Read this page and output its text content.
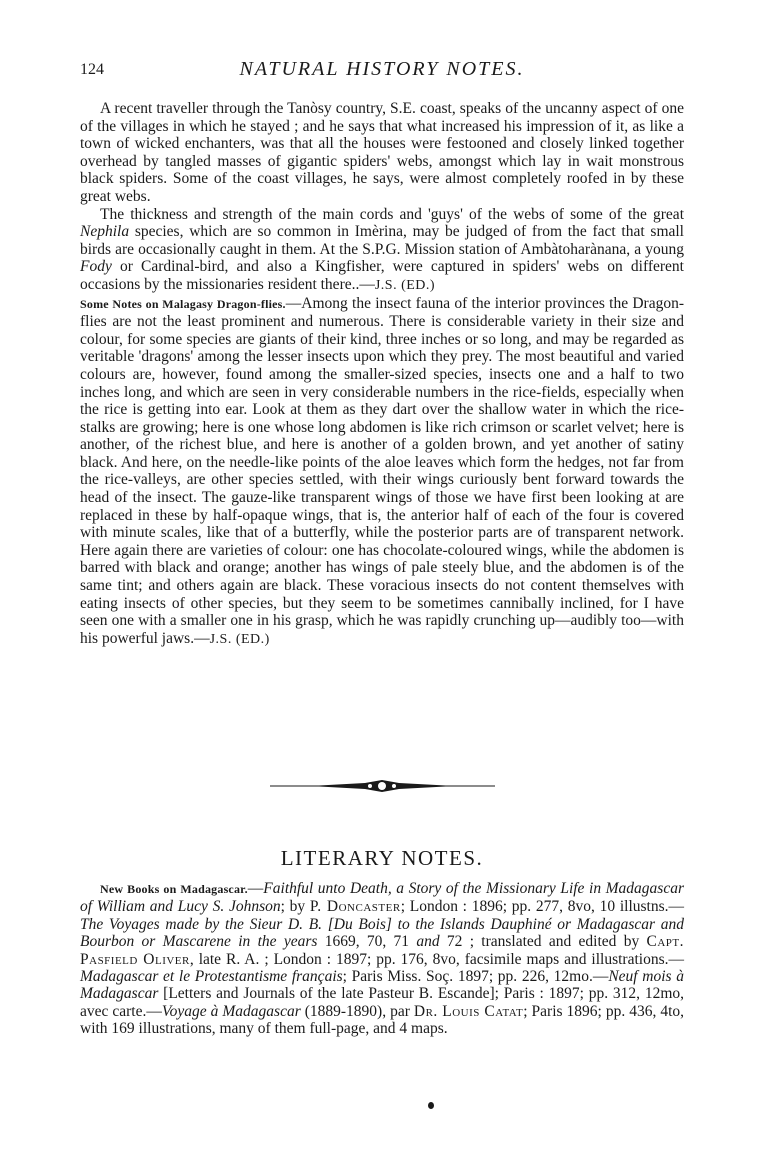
124	NATURAL HISTORY NOTES.

A recent traveller through the Tanòsy country, S.E. coast, speaks of the uncanny aspect of one of the villages in which he stayed ; and he says that what increased his impression of it, as like a town of wicked enchanters, was that all the houses were festooned and closely linked together overhead by tangled masses of gigantic spiders' webs, amongst which lay in wait monstrous black spiders. Some of the coast villages, he says, were almost completely roofed in by these great webs.

The thickness and strength of the main cords and 'guys' of the webs of some of the great Nephila species, which are so common in Imèrina, may be judged of from the fact that small birds are occasionally caught in them. At the S.P.G. Mission station of Ambàtoharànana, a young Fody or Cardinal-bird, and also a Kingfisher, were captured in spiders' webs on different occasions by the missionaries resident there..—J.S. (ED.)

Some Notes on Malagasy Dragon-flies.—Among the insect fauna of the interior provinces the Dragon-flies are not the least prominent and numerous. There is considerable variety in their size and colour, for some species are giants of their kind, three inches or so long, and may be regarded as veritable 'dragons' among the lesser insects upon which they prey. The most beautiful and varied colours are, however, found among the smaller-sized species, insects one and a half to two inches long, and which are seen in very considerable numbers in the rice-fields, especially when the rice is getting into ear. Look at them as they dart over the shallow water in which the rice-stalks are growing; here is one whose long abdomen is like rich crimson or scarlet velvet; here is another, of the richest blue, and here is another of a golden brown, and yet another of satiny black. And here, on the needle-like points of the aloe leaves which form the hedges, not far from the rice-valleys, are other species settled, with their wings curiously bent forward towards the head of the insect. The gauze-like transparent wings of those we have first been looking at are replaced in these by half-opaque wings, that is, the anterior half of each of the four is covered with minute scales, like that of a butterfly, while the posterior parts are of transparent network. Here again there are varieties of colour: one has chocolate-coloured wings, while the abdomen is barred with black and orange; another has wings of pale steely blue, and the abdomen is of the same tint; and others again are black. These voracious insects do not content themselves with eating insects of other species, but they seem to be sometimes cannibally inclined, for I have seen one with a smaller one in his grasp, which he was rapidly crunching up—audibly too—with his powerful jaws.—J.S. (ED.)

LITERARY NOTES.

New Books on Madagascar.—Faithful unto Death, a Story of the Missionary Life in Madagascar of William and Lucy S. Johnson; by P. Doncaster; London : 1896; pp. 277, 8vo, 10 illustns.—The Voyages made by the Sieur D. B. [Du Bois] to the Islands Dauphiné or Madagascar and Bourbon or Mascarene in the years 1669, 70, 71 and 72 ; translated and edited by Capt. Pasfield Oliver, late R. A. ; London : 1897; pp. 176, 8vo, facsimile maps and illustrations.—Madagascar et le Protestantisme français; Paris Miss. Soç. 1897; pp. 226, 12mo.—Neuf mois à Madagascar [Letters and Journals of the late Pasteur B. Escande]; Paris : 1897; pp. 312, 12mo, avec carte.—Voyage à Madagascar (1889-1890), par Dr. Louis Catat; Paris 1896; pp. 436, 4to, with 169 illustrations, many of them full-page, and 4 maps.
